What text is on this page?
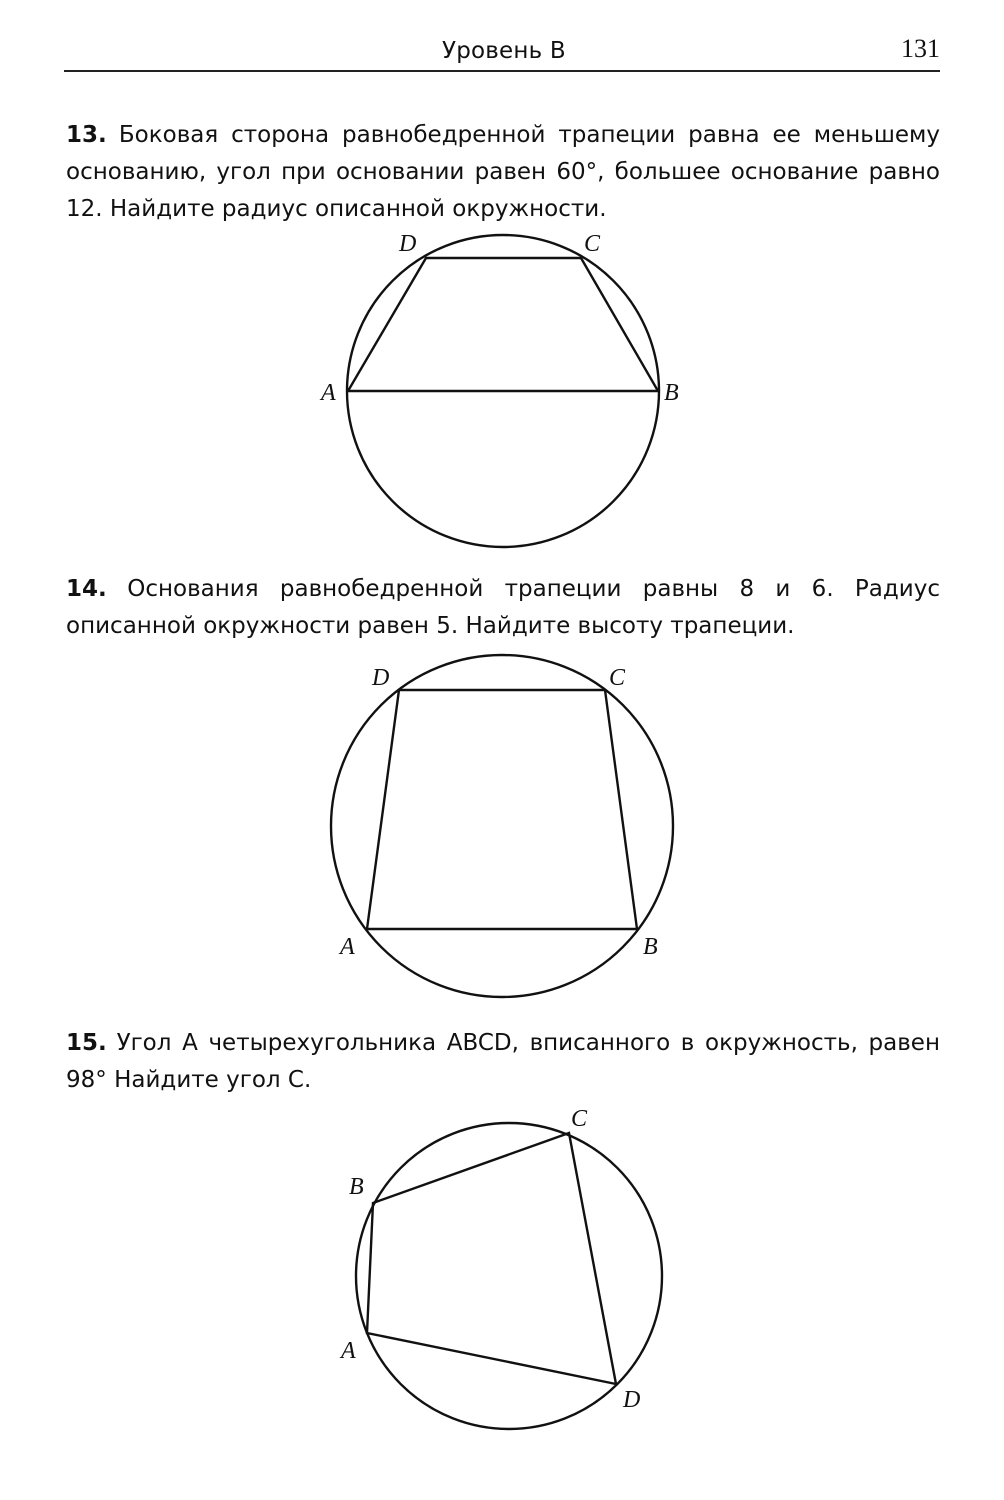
Уровень В	131
13. Боковая сторона равнобедренной трапеции равна ее меньшему основанию, угол при основании равен 60°, большее основание равно 12. Найдите радиус описанной окружности.
14. Основания равнобедренной трапеции равны 8 и 6. Радиус описанной окружности равен 5. Найдите высоту трапеции.
15. Угол A четырехугольника ABCD, вписанного в окружность, равен 98° Найдите угол C.
D	C
A	B
D	C
A	B
C
B
A
D
